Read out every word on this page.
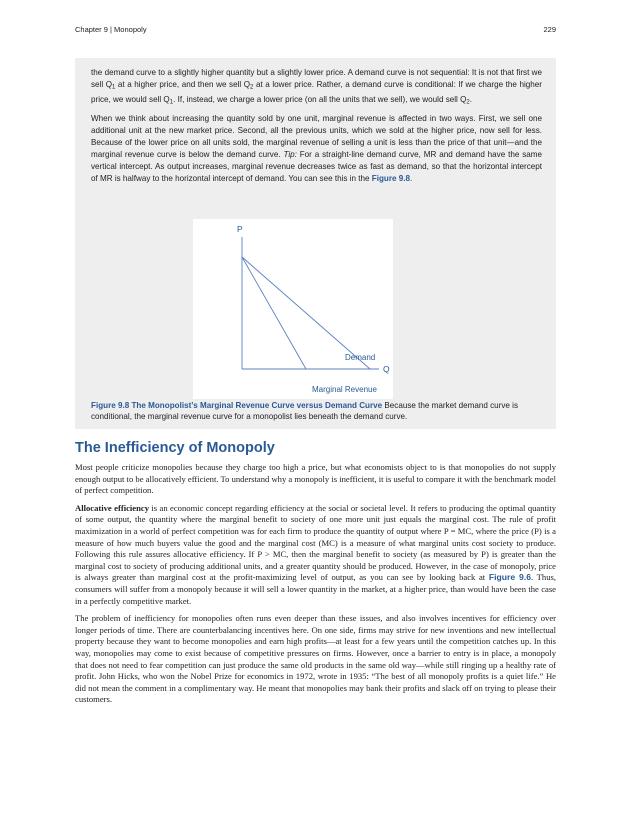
Chapter 9 | Monopoly	229

the demand curve to a slightly higher quantity but a slightly lower price. A demand curve is not sequential: It is not that first we sell $Q_1$ at a higher price, and then we sell $Q_2$ at a lower price. Rather, a demand curve is conditional: If we charge the higher price, we would sell $Q_1$. If, instead, we charge a lower price (on all the units that we sell), we would sell $Q_2$.

When we think about increasing the quantity sold by one unit, marginal revenue is affected in two ways. First, we sell one additional unit at the new market price. Second, all the previous units, which we sold at the higher price, now sell for less. Because of the lower price on all units sold, the marginal revenue of selling a unit is less than the price of that unit—and the marginal revenue curve is below the demand curve. Tip: For a straight-line demand curve, MR and demand have the same vertical intercept. As output increases, marginal revenue decreases twice as fast as demand, so that the horizontal intercept of MR is halfway to the horizontal intercept of demand. You can see this in the Figure 9.8.

P
Q
Demand
Marginal Revenue
Figure 9.8 The Monopolist’s Marginal Revenue Curve versus Demand Curve Because the market demand curve is conditional, the marginal revenue curve for a monopolist lies beneath the demand curve.
The Inefficiency of Monopoly

Most people criticize monopolies because they charge too high a price, but what economists object to is that monopolies do not supply enough output to be allocatively efficient. To understand why a monopoly is inefficient, it is useful to compare it with the benchmark model of perfect competition.

Allocative efficiency is an economic concept regarding efficiency at the social or societal level. It refers to producing the optimal quantity of some output, the quantity where the marginal benefit to society of one more unit just equals the marginal cost. The rule of profit maximization in a world of perfect competition was for each firm to produce the quantity of output where P = MC, where the price (P) is a measure of how much buyers value the good and the marginal cost (MC) is a measure of what marginal units cost society to produce. Following this rule assures allocative efficiency. If P > MC, then the marginal benefit to society (as measured by P) is greater than the marginal cost to society of producing additional units, and a greater quantity should be produced. However, in the case of monopoly, price is always greater than marginal cost at the profit-maximizing level of output, as you can see by looking back at Figure 9.6. Thus, consumers will suffer from a monopoly because it will sell a lower quantity in the market, at a higher price, than would have been the case in a perfectly competitive market.

The problem of inefficiency for monopolies often runs even deeper than these issues, and also involves incentives for efficiency over longer periods of time. There are counterbalancing incentives here. On one side, firms may strive for new inventions and new intellectual property because they want to become monopolies and earn high profits—at least for a few years until the competition catches up. In this way, monopolies may come to exist because of competitive pressures on firms. However, once a barrier to entry is in place, a monopoly that does not need to fear competition can just produce the same old products in the same old way—while still ringing up a healthy rate of profit. John Hicks, who won the Nobel Prize for economics in 1972, wrote in 1935: “The best of all monopoly profits is a quiet life.” He did not mean the comment in a complimentary way. He meant that monopolies may bank their profits and slack off on trying to please their customers.
